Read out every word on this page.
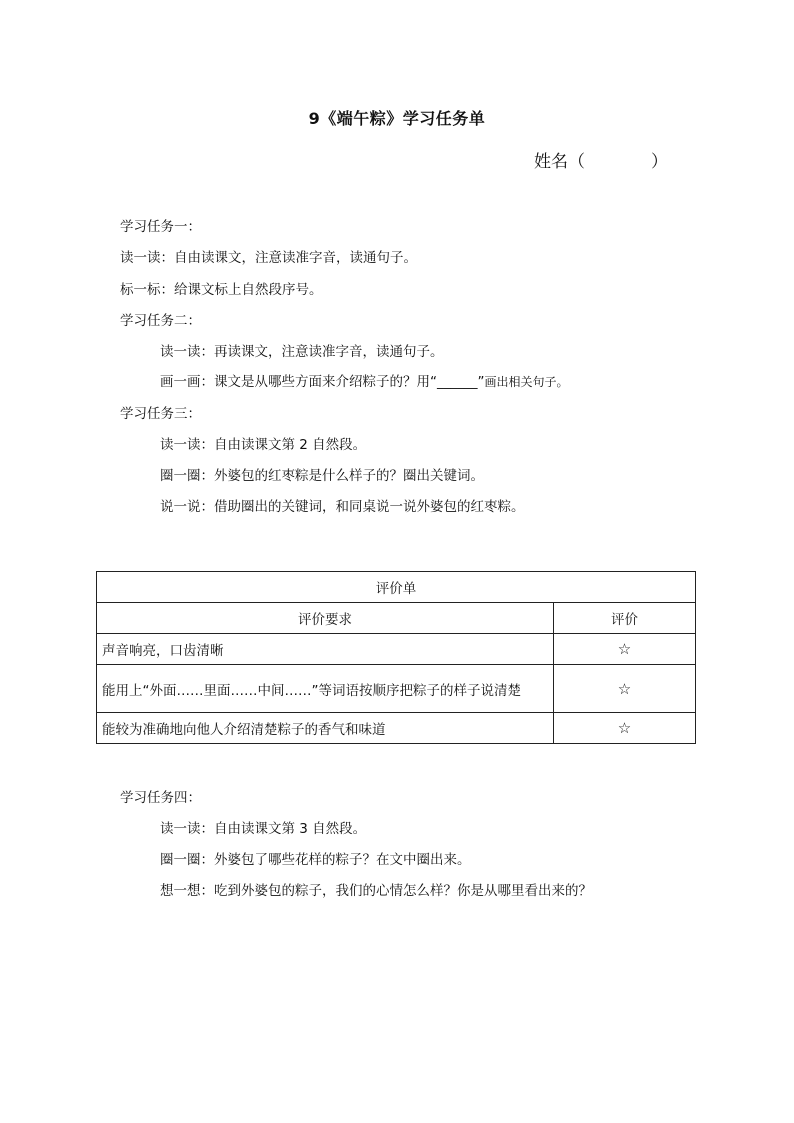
9《端午粽》学习任务单
姓名（	）
学习任务一：
读一读：自由读课文，注意读准字音，读通句子。
标一标：给课文标上自然段序号。
学习任务二：
读一读：再读课文，注意读准字音，读通句子。
画一画：课文是从哪些方面来介绍粽子的？用“______”画出相关句子。
学习任务三：
读一读：自由读课文第 2 自然段。
圈一圈：外婆包的红枣粽是什么样子的？圈出关键词。
说一说：借助圈出的关键词，和同桌说一说外婆包的红枣粽。
评价单	
评价要求	评价
声音响亮，口齿清晰	☆
能用上“外面……里面……中间……”等词语按顺序把粽子的样子说清楚	☆
能较为准确地向他人介绍清楚粽子的香气和味道	☆
学习任务四：
读一读：自由读课文第 3 自然段。
圈一圈：外婆包了哪些花样的粽子？在文中圈出来。
想一想：吃到外婆包的粽子，我们的心情怎么样？你是从哪里看出来的？
